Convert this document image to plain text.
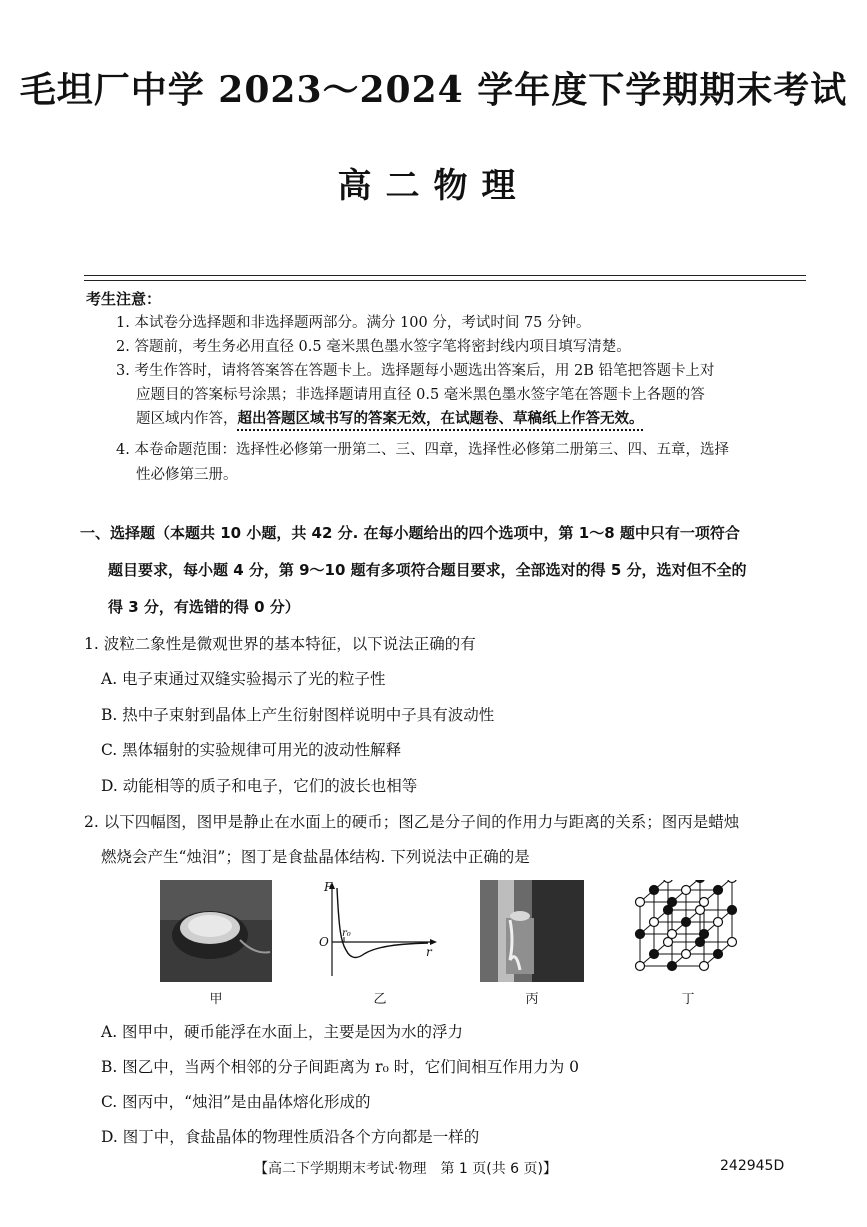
毛坦厂中学 2023～2024 学年度下学期期末考试
高二物理
考生注意：
1. 本试卷分选择题和非选择题两部分。满分 100 分，考试时间 75 分钟。
2. 答题前，考生务必用直径 0.5 毫米黑色墨水签字笔将密封线内项目填写清楚。
3. 考生作答时，请将答案答在答题卡上。选择题每小题选出答案后，用 2B 铅笔把答题卡上对
应题目的答案标号涂黑；非选择题请用直径 0.5 毫米黑色墨水签字笔在答题卡上各题的答
题区域内作答，超出答题区域书写的答案无效，在试题卷、草稿纸上作答无效。
4. 本卷命题范围：选择性必修第一册第二、三、四章，选择性必修第二册第三、四、五章，选择
性必修第三册。
一、选择题（本题共 10 小题，共 42 分. 在每小题给出的四个选项中，第 1～8 题中只有一项符合
题目要求，每小题 4 分，第 9～10 题有多项符合题目要求，全部选对的得 5 分，选对但不全的
得 3 分，有选错的得 0 分）
1. 波粒二象性是微观世界的基本特征，以下说法正确的有
A. 电子束通过双缝实验揭示了光的粒子性
B. 热中子束射到晶体上产生衍射图样说明中子具有波动性
C. 黑体辐射的实验规律可用光的波动性解释
D. 动能相等的质子和电子，它们的波长也相等
2. 以下四幅图，图甲是静止在水面上的硬币；图乙是分子间的作用力与距离的关系；图丙是蜡烛
燃烧会产生“烛泪”；图丁是食盐晶体结构. 下列说法中正确的是
甲
F
O
r₀
r
乙	丙	丁
A. 图甲中，硬币能浮在水面上，主要是因为水的浮力
B. 图乙中，当两个相邻的分子间距离为 r₀ 时，它们间相互作用力为 0
C. 图丙中，“烛泪”是由晶体熔化形成的
D. 图丁中，食盐晶体的物理性质沿各个方向都是一样的
【高二下学期期末考试·物理　第 1 页(共 6 页)】	242945D
